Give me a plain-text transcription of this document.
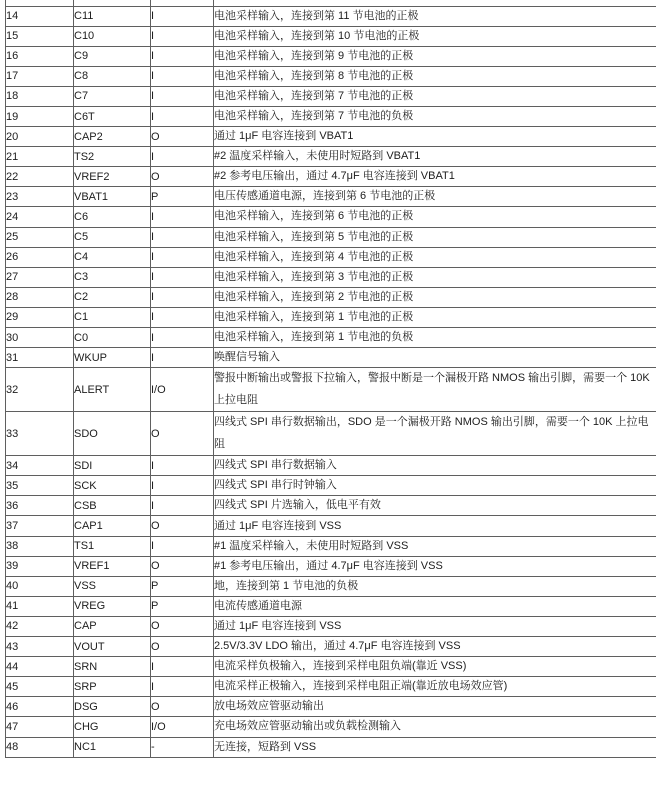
14	C11	I	电池采样输入，连接到第 11 节电池的正极
15	C10	I	电池采样输入，连接到第 10 节电池的正极
16	C9	I	电池采样输入，连接到第 9 节电池的正极
17	C8	I	电池采样输入，连接到第 8 节电池的正极
18	C7	I	电池采样输入，连接到第 7 节电池的正极
19	C6T	I	电池采样输入，连接到第 7 节电池的负极
20	CAP2	O	通过 1μF 电容连接到 VBAT1
21	TS2	I	#2 温度采样输入，未使用时短路到 VBAT1
22	VREF2	O	#2 参考电压输出，通过 4.7μF 电容连接到 VBAT1
23	VBAT1	P	电压传感通道电源，连接到第 6 节电池的正极
24	C6	I	电池采样输入，连接到第 6 节电池的正极
25	C5	I	电池采样输入，连接到第 5 节电池的正极
26	C4	I	电池采样输入，连接到第 4 节电池的正极
27	C3	I	电池采样输入，连接到第 3 节电池的正极
28	C2	I	电池采样输入，连接到第 2 节电池的正极
29	C1	I	电池采样输入，连接到第 1 节电池的正极
30	C0	I	电池采样输入，连接到第 1 节电池的负极
31	WKUP	I	唤醒信号输入
32	ALERT	I/O	警报中断输出或警报下拉输入，警报中断是一个漏极开路 NMOS 输出引脚，需要一个 10K 上拉电阻
33	SDO	O	四线式 SPI 串行数据输出，SDO 是一个漏极开路 NMOS 输出引脚，需要一个 10K 上拉电阻
34	SDI	I	四线式 SPI 串行数据输入
35	SCK	I	四线式 SPI 串行时钟输入
36	CSB	I	四线式 SPI 片选输入，低电平有效
37	CAP1	O	通过 1μF 电容连接到 VSS
38	TS1	I	#1 温度采样输入，未使用时短路到 VSS
39	VREF1	O	#1 参考电压输出，通过 4.7μF 电容连接到 VSS
40	VSS	P	地，连接到第 1 节电池的负极
41	VREG	P	电流传感通道电源
42	CAP	O	通过 1μF 电容连接到 VSS
43	VOUT	O	2.5V/3.3V LDO 输出，通过 4.7μF 电容连接到 VSS
44	SRN	I	电流采样负极输入，连接到采样电阻负端(靠近 VSS)
45	SRP	I	电流采样正极输入，连接到采样电阻正端(靠近放电场效应管)
46	DSG	O	放电场效应管驱动输出
47	CHG	I/O	充电场效应管驱动输出或负载检测输入
48	NC1	-	无连接，短路到 VSS
